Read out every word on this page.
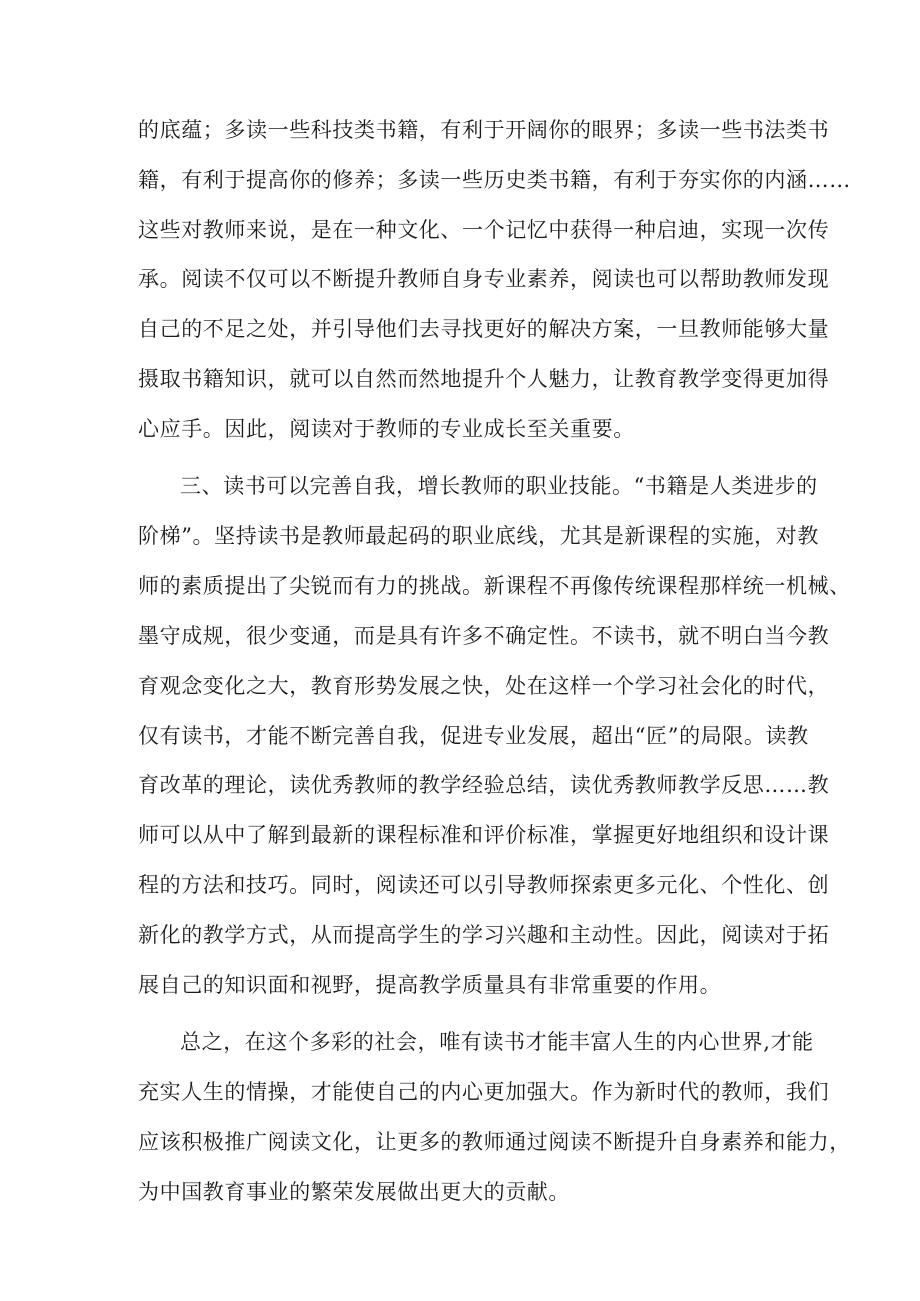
的底蕴；多读一些科技类书籍，有利于开阔你的眼界；多读一些书法类书
籍，有利于提高你的修养；多读一些历史类书籍，有利于夯实你的内涵……
这些对教师来说，是在一种文化、一个记忆中获得一种启迪，实现一次传
承。阅读不仅可以不断提升教师自身专业素养，阅读也可以帮助教师发现
自己的不足之处，并引导他们去寻找更好的解决方案，一旦教师能够大量
摄取书籍知识，就可以自然而然地提升个人魅力，让教育教学变得更加得
心应手。因此，阅读对于教师的专业成长至关重要。
三、读书可以完善自我，增长教师的职业技能。“书籍是人类进步的
阶梯”。坚持读书是教师最起码的职业底线，尤其是新课程的实施，对教
师的素质提出了尖锐而有力的挑战。新课程不再像传统课程那样统一机械、
墨守成规，很少变通，而是具有许多不确定性。不读书，就不明白当今教
育观念变化之大，教育形势发展之快，处在这样一个学习社会化的时代，
仅有读书，才能不断完善自我，促进专业发展，超出“匠”的局限。读教
育改革的理论，读优秀教师的教学经验总结，读优秀教师教学反思……教
师可以从中了解到最新的课程标准和评价标准，掌握更好地组织和设计课
程的方法和技巧。同时，阅读还可以引导教师探索更多元化、个性化、创
新化的教学方式，从而提高学生的学习兴趣和主动性。因此，阅读对于拓
展自己的知识面和视野，提高教学质量具有非常重要的作用。
总之，在这个多彩的社会，唯有读书才能丰富人生的内心世界,才能
充实人生的情操，才能使自己的内心更加强大。作为新时代的教师，我们
应该积极推广阅读文化，让更多的教师通过阅读不断提升自身素养和能力，
为中国教育事业的繁荣发展做出更大的贡献。
